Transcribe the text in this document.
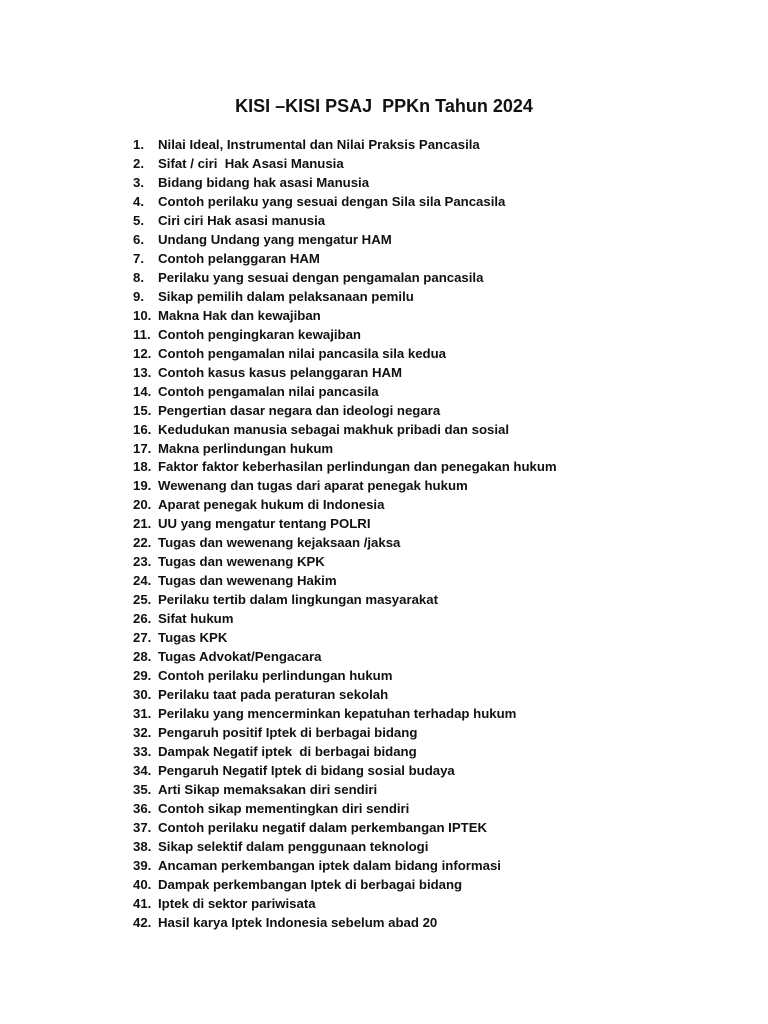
KISI –KISI PSAJ  PPKn Tahun 2024
1.	Nilai Ideal, Instrumental dan Nilai Praksis Pancasila
2.	Sifat / ciri  Hak Asasi Manusia
3.	Bidang bidang hak asasi Manusia
4.	Contoh perilaku yang sesuai dengan Sila sila Pancasila
5.	Ciri ciri Hak asasi manusia
6.	Undang Undang yang mengatur HAM
7.	Contoh pelanggaran HAM
8.	Perilaku yang sesuai dengan pengamalan pancasila
9.	Sikap pemilih dalam pelaksanaan pemilu
10. Makna Hak dan kewajiban
11. Contoh pengingkaran kewajiban
12. Contoh pengamalan nilai pancasila sila kedua
13. Contoh kasus kasus pelanggaran HAM
14. Contoh pengamalan nilai pancasila
15. Pengertian dasar negara dan ideologi negara
16. Kedudukan manusia sebagai makhuk pribadi dan sosial
17. Makna perlindungan hukum
18. Faktor faktor keberhasilan perlindungan dan penegakan hukum
19. Wewenang dan tugas dari aparat penegak hukum
20. Aparat penegak hukum di Indonesia
21. UU yang mengatur tentang POLRI
22. Tugas dan wewenang kejaksaan /jaksa
23. Tugas dan wewenang KPK
24. Tugas dan wewenang Hakim
25. Perilaku tertib dalam lingkungan masyarakat
26. Sifat hukum
27. Tugas KPK
28. Tugas Advokat/Pengacara
29. Contoh perilaku perlindungan hukum
30. Perilaku taat pada peraturan sekolah
31. Perilaku yang mencerminkan kepatuhan terhadap hukum
32. Pengaruh positif Iptek di berbagai bidang
33. Dampak Negatif iptek  di berbagai bidang
34. Pengaruh Negatif Iptek di bidang sosial budaya
35. Arti Sikap memaksakan diri sendiri
36. Contoh sikap mementingkan diri sendiri
37. Contoh perilaku negatif dalam perkembangan IPTEK
38. Sikap selektif dalam penggunaan teknologi
39. Ancaman perkembangan iptek dalam bidang informasi
40. Dampak perkembangan Iptek di berbagai bidang
41. Iptek di sektor pariwisata
42. Hasil karya Iptek Indonesia sebelum abad 20
